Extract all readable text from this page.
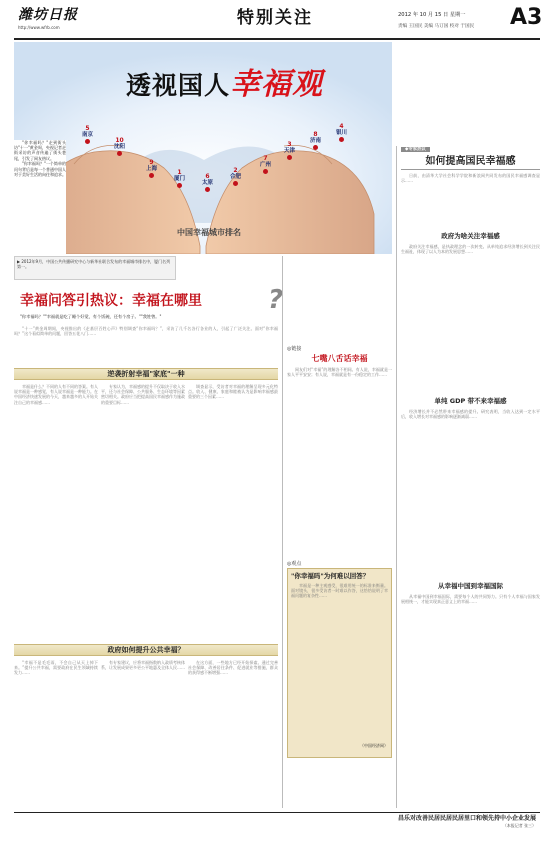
潍坊日报
http://www.wfrb.com	特别关注	2012 年 10 月 15 日 星期一
责编 王国民 美编 马订国 校对 于国民 A3
透视国人幸福观
5
南京
10
沈阳
9
上海	1
厦门	6
太原
2
合肥
7
广州
3
天津
8
济南
4
银川
中国幸福城市排名

"你幸福吗？"走到街头访"十一"黄金周，央视记者走街采访的声音传遍了街头巷尾，引发了网友热议。

"你幸福吗？"一个简单的问句背后是每一个普通中国人对于美好生活的向往和追求。

▶ 2012年9月，中国公共传播研究中心与新华社联合发布的幸福城市排名中，厦门名列第一。
幸福问答引热议：幸福在哪里	?
"你幸福吗？""幸福就是吃了睡个好觉，有个饭碗，还有个房子。""我姓曾。"

“十一”黄金周期间，央视推出的《走基层百姓心声》特别调查“你幸福吗？”，采访了几千名各行各业的人，引起了广泛关注。面对“你幸福吗？”这个看似简单的问题，回答五花八门……

逆袭折射幸福"家底"一种

幸福是什么？不同的人有不同的答案。有人说幸福是一种感觉，有人说幸福是一种能力。在中国经济快速发展的今天，越来越多的人开始关注自己的幸福感……

专家认为，幸福感的提升不仅取决于收入水平，还与社会保障、公共服务、生态环境等因素密切相关。政府应当把提高国民幸福感作为施政的重要目标……

调查显示，受访者对幸福的理解呈现多元化特点。收入、健康、家庭和睦被认为是影响幸福感最重要的三个因素……

政府如何提升公共幸福？

“幸福不是毛毛雨，不会自己从天上掉下来。”提升公共幸福，需要政府在民生领域持续发力……

有专家建议，应将幸福指数纳入政绩考核体系，让发展成果更多更公平地惠及全体人民……

在这方面，一些地方已经开始探索。通过完善社会保障、改善居住条件、促进就业等措施，群众的获得感不断增强……

◎链接
七嘴八舌话幸福

网友们对“幸福”的理解各不相同。有人说，幸福就是一家人平平安安；有人说，幸福就是有一份稳定的工作……

◎观点
"你幸福吗"为何难以回答？

幸福是一种主观感受，很难用统一的标准来衡量。面对镜头，很多受访者一时难以作答，这恰恰说明了幸福问题的复杂性……

（中国经济网）
◆专家热议
如何提高国民幸福感

日前，由清华大学社会科学学院和新浪网共同发布的国民幸福感调查显示……

政府为啥关注幸福感

政府关注幸福感，是执政理念的一次转变。从单纯追求经济增长到关注民生福祉，体现了以人为本的发展思想……

单纯 GDP 带不来幸福感

经济增长并不必然带来幸福感的提升。研究表明，当收入达到一定水平后，收入增长对幸福感的影响逐渐减弱……

从幸福中国到幸福国际

从幸福中国到幸福国际，需要每个人的共同努力。只有个人幸福与国家发展相统一，才能实现真正意义上的幸福……

昌乐对改善民居民居民居里口和领先持中小企业发展
（本报记者 张三）
